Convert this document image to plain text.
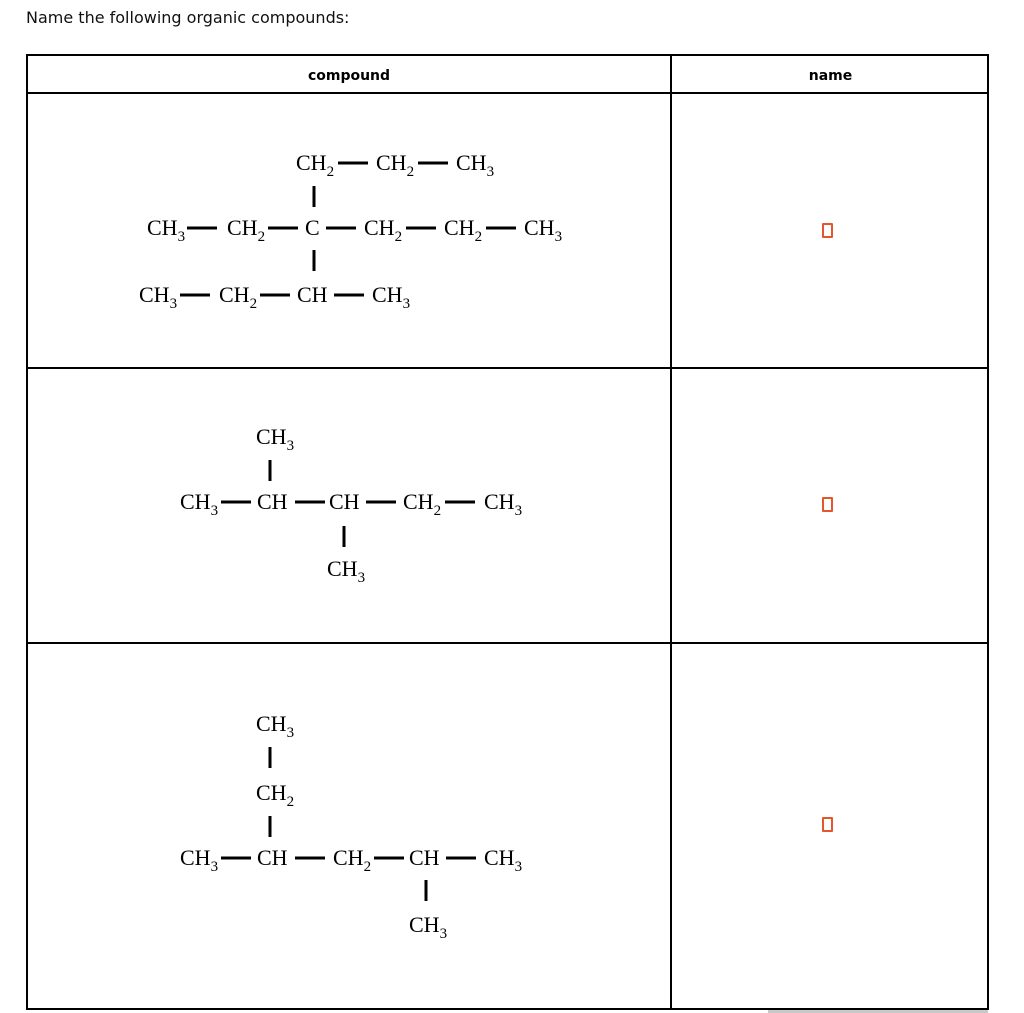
Name the following organic compounds:
compound	name
$CH_2$ $CH_2$ $CH_3$
$CH_3$ $CH_2$ C $CH_2$ $CH_2$ $CH_3$
$CH_3$ $CH_2$ CH $CH_3$
$CH_3$
$CH_3$ CH CH $CH_2$ $CH_3$
$CH_3$
$CH_3$
$CH_2$
$CH_3$ CH $CH_2$ CH $CH_3$
$CH_3$
